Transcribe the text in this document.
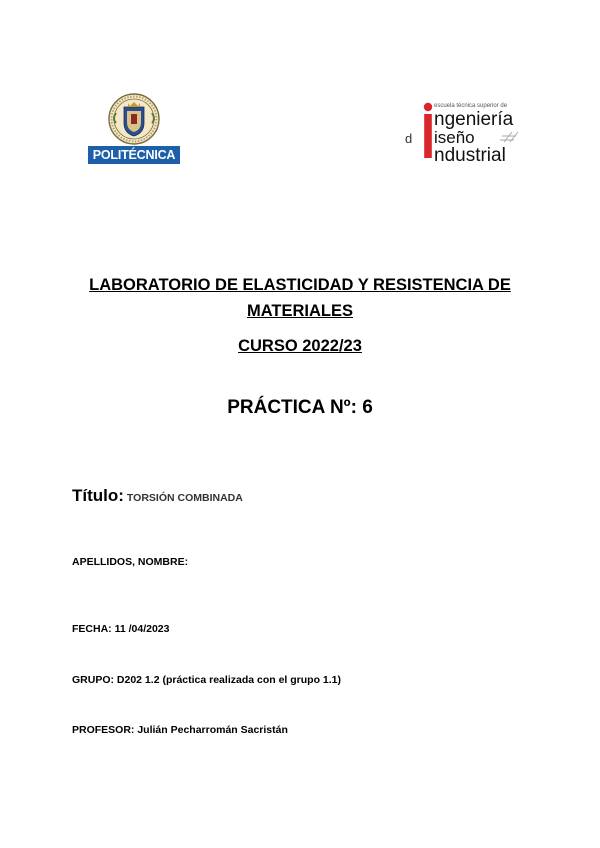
POLITÉCNICA
escuela técnica superior de
ngeniería
d iseño
ndustrial
LABORATORIO DE ELASTICIDAD Y RESISTENCIA DE MATERIALES
CURSO 2022/23
PRÁCTICA Nº: 6
Título: TORSIÓN COMBINADA
APELLIDOS, NOMBRE:
FECHA: 11 /04/2023
GRUPO: D202 1.2 (práctica realizada con el grupo 1.1)
PROFESOR: Julián Pecharromán Sacristán
